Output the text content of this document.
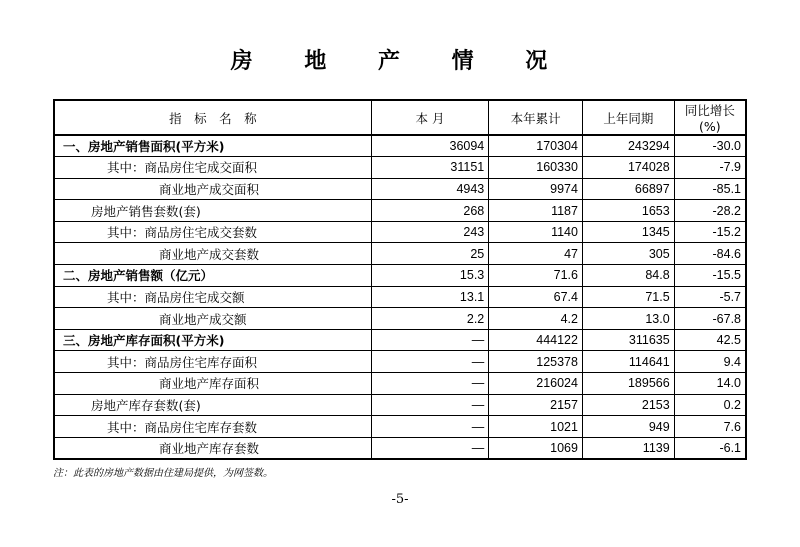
房 地 产 情 况
指　标　名　称	本 月	本年累计	上年同期	同比增长(%)
一、房地产销售面积(平方米)	36094	170304	243294	-30.0
其中：商品房住宅成交面积	31151	160330	174028	-7.9
商业地产成交面积	4943	9974	66897	-85.1
房地产销售套数(套)	268	1187	1653	-28.2
其中：商品房住宅成交套数	243	1140	1345	-15.2
商业地产成交套数	25	47	305	-84.6
二、房地产销售额（亿元）	15.3	71.6	84.8	-15.5
其中：商品房住宅成交额	13.1	67.4	71.5	-5.7
商业地产成交额	2.2	4.2	13.0	-67.8
三、房地产库存面积(平方米)	—	444122	311635	42.5
其中：商品房住宅库存面积	—	125378	114641	9.4
商业地产库存面积	—	216024	189566	14.0
房地产库存套数(套)	—	2157	2153	0.2
其中：商品房住宅库存套数	—	1021	949	7.6
商业地产库存套数	—	1069	1139	-6.1
注：此表的房地产数据由住建局提供，为网签数。
-5-
